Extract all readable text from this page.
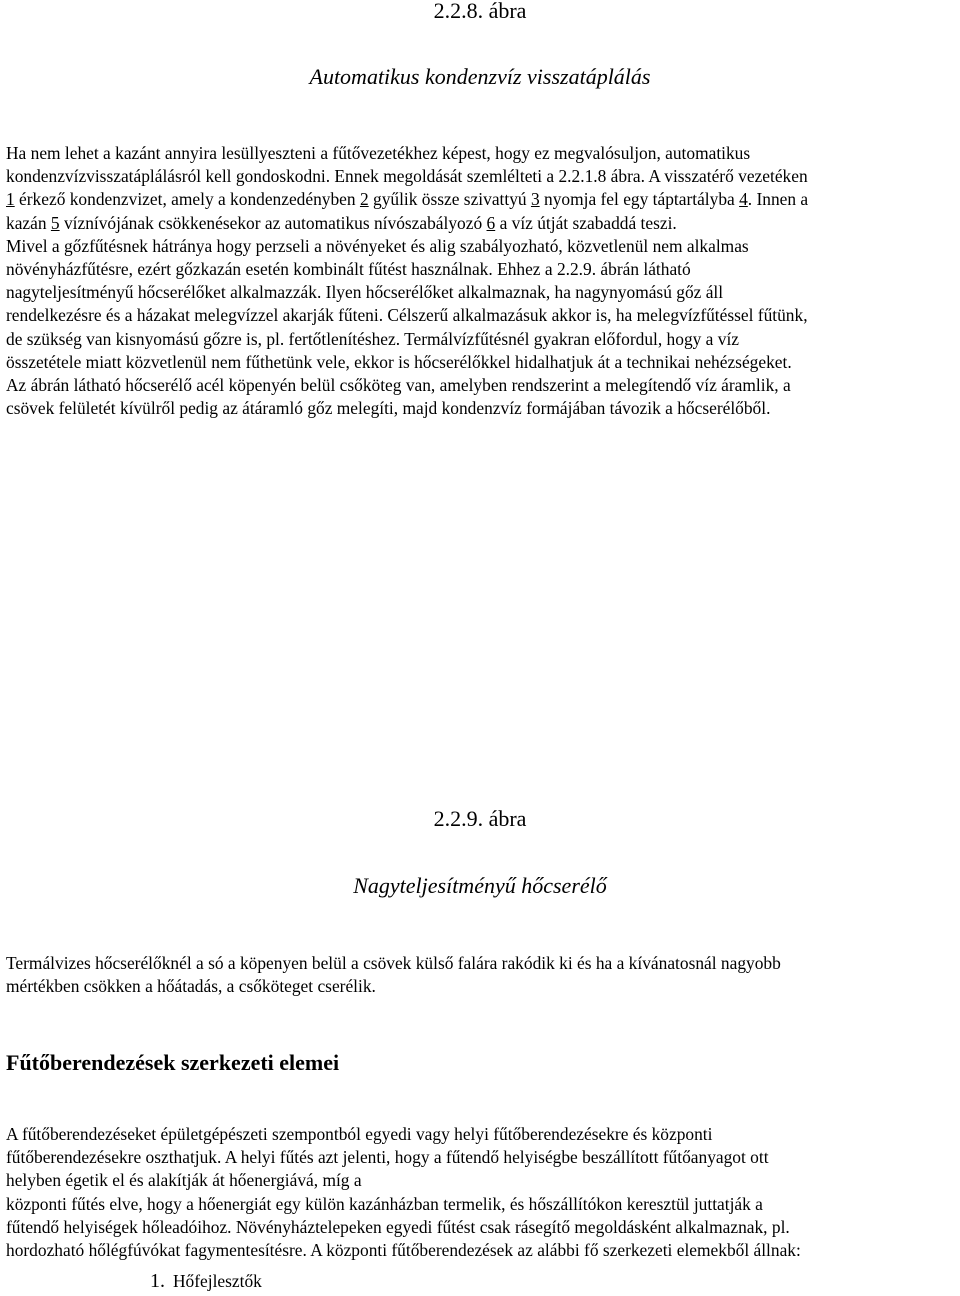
2.2.8. ábra
Automatikus kondenzvíz visszatáplálás

Ha nem lehet a kazánt annyira lesüllyeszteni a fűtővezetékhez képest, hogy ez megvalósuljon, automatikus
kondenzvízvisszatáplálásról kell gondoskodni. Ennek megoldását szemlélteti a 2.2.1.8 ábra. A visszatérő vezetéken
1 érkező kondenzvizet, amely a kondenzedényben 2 gyűlik össze szivattyú 3 nyomja fel egy táptartályba 4. Innen a
kazán 5 víznívójának csökkenésekor az automatikus nívószabályozó 6 a víz útját szabaddá teszi.
Mivel a gőzfűtésnek hátránya hogy perzseli a növényeket és alig szabályozható, közvetlenül nem alkalmas
növényházfűtésre, ezért gőzkazán esetén kombinált fűtést használnak. Ehhez a 2.2.9. ábrán látható
nagyteljesítményű hőcserélőket alkalmazzák. Ilyen hőcserélőket alkalmaznak, ha nagynyomású gőz áll
rendelkezésre és a házakat melegvízzel akarják fűteni. Célszerű alkalmazásuk akkor is, ha melegvízfűtéssel fűtünk,
de szükség van kisnyomású gőzre is, pl. fertőtlenítéshez. Termálvízfűtésnél gyakran előfordul, hogy a víz
összetétele miatt közvetlenül nem fűthetünk vele, ekkor is hőcserélőkkel hidalhatjuk át a technikai nehézségeket.
Az ábrán látható hőcserélő acél köpenyén belül csőköteg van, amelyben rendszerint a melegítendő víz áramlik, a
csövek felületét kívülről pedig az átáramló gőz melegíti, majd kondenzvíz formájában távozik a hőcserélőből.

2.2.9. ábra
Nagyteljesítményű hőcserélő

Termálvizes hőcserélőknél a só a köpenyen belül a csövek külső falára rakódik ki és ha a kívánatosnál nagyobb
mértékben csökken a hőátadás, a csőköteget cserélik.

Fűtőberendezések szerkezeti elemei

A fűtőberendezéseket épületgépészeti szempontból egyedi vagy helyi fűtőberendezésekre és központi
fűtőberendezésekre oszthatjuk. A helyi fűtés azt jelenti, hogy a fűtendő helyiségbe beszállított fűtőanyagot ott
helyben égetik el és alakítják át hőenergiává, míg a
központi fűtés elve, hogy a hőenergiát egy külön kazánházban termelik, és hőszállítókon keresztül juttatják a
fűtendő helyiségek hőleadóihoz. Növényháztelepeken egyedi fűtést csak rásegítő megoldásként alkalmaznak, pl.
hordozható hőlégfúvókat fagymentesítésre. A központi fűtőberendezések az alábbi fő szerkezeti elemekből állnak:

1. Hőfejlesztők
